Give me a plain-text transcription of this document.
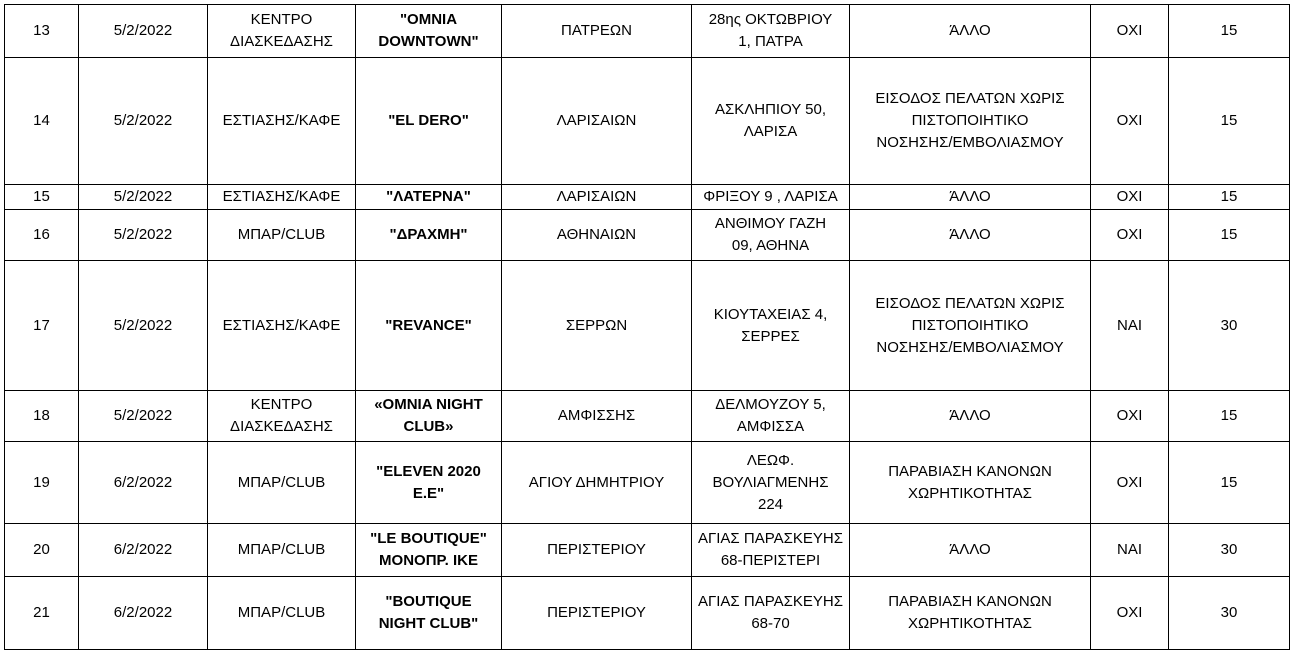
13	5/2/2022	ΚΕΝΤΡΟ
ΔΙΑΣΚΕΔΑΣΗΣ	"OMNIA
DOWNTOWN"	ΠΑΤΡΕΩΝ	28ης ΟΚΤΩΒΡΙΟΥ
1, ΠΑΤΡΑ	ΆΛΛΟ	ΟΧΙ	15
14	5/2/2022	ΕΣΤΙΑΣΗΣ/ΚΑΦΕ	"EL DERO"	ΛΑΡΙΣΑΙΩΝ	ΑΣΚΛΗΠΙΟΥ 50,
ΛΑΡΙΣΑ	ΕΙΣΟΔΟΣ ΠΕΛΑΤΩΝ ΧΩΡΙΣ
ΠΙΣΤΟΠΟΙΗΤΙΚΟ
ΝΟΣΗΣΗΣ/ΕΜΒΟΛΙΑΣΜΟΥ	ΟΧΙ	15
15	5/2/2022	ΕΣΤΙΑΣΗΣ/ΚΑΦΕ	"ΛΑΤΕΡΝΑ"	ΛΑΡΙΣΑΙΩΝ	ΦΡΙΞΟΥ 9 , ΛΑΡΙΣΑ	ΆΛΛΟ	ΟΧΙ	15
16	5/2/2022	ΜΠΑΡ/CLUB	"ΔΡΑΧΜΗ"	ΑΘΗΝΑΙΩΝ	ΑΝΘΙΜΟΥ ΓΑΖΗ
09, ΑΘΗΝΑ	ΆΛΛΟ	ΟΧΙ	15
17	5/2/2022	ΕΣΤΙΑΣΗΣ/ΚΑΦΕ	"REVANCE"	ΣΕΡΡΩΝ	ΚΙΟΥΤΑΧΕΙΑΣ 4,
ΣΕΡΡΕΣ	ΕΙΣΟΔΟΣ ΠΕΛΑΤΩΝ ΧΩΡΙΣ
ΠΙΣΤΟΠΟΙΗΤΙΚΟ
ΝΟΣΗΣΗΣ/ΕΜΒΟΛΙΑΣΜΟΥ	ΝΑΙ	30
18	5/2/2022	ΚΕΝΤΡΟ
ΔΙΑΣΚΕΔΑΣΗΣ	«OMNIA NIGHT
CLUB»	ΑΜΦΙΣΣΗΣ	ΔΕΛΜΟΥΖΟΥ 5,
ΑΜΦΙΣΣΑ	ΆΛΛΟ	ΟΧΙ	15
19	6/2/2022	ΜΠΑΡ/CLUB	"ELEVEN 2020
E.E"	ΑΓΙΟΥ ΔΗΜΗΤΡΙΟΥ	ΛΕΩΦ.
ΒΟΥΛΙΑΓΜΕΝΗΣ
224	ΠΑΡΑΒΙΑΣΗ ΚΑΝΟΝΩΝ
ΧΩΡΗΤΙΚΟΤΗΤΑΣ	ΟΧΙ	15
20	6/2/2022	ΜΠΑΡ/CLUB	"LE BOUTIQUE"
ΜΟΝΟΠΡ. ΙΚΕ	ΠΕΡΙΣΤΕΡΙΟΥ	ΑΓΙΑΣ ΠΑΡΑΣΚΕΥΗΣ
68-ΠΕΡΙΣΤΕΡΙ	ΆΛΛΟ	ΝΑΙ	30
21	6/2/2022	ΜΠΑΡ/CLUB	"BOUTIQUE
NIGHT CLUB"	ΠΕΡΙΣΤΕΡΙΟΥ	ΑΓΙΑΣ ΠΑΡΑΣΚΕΥΗΣ
68-70	ΠΑΡΑΒΙΑΣΗ ΚΑΝΟΝΩΝ
ΧΩΡΗΤΙΚΟΤΗΤΑΣ	ΟΧΙ	30
